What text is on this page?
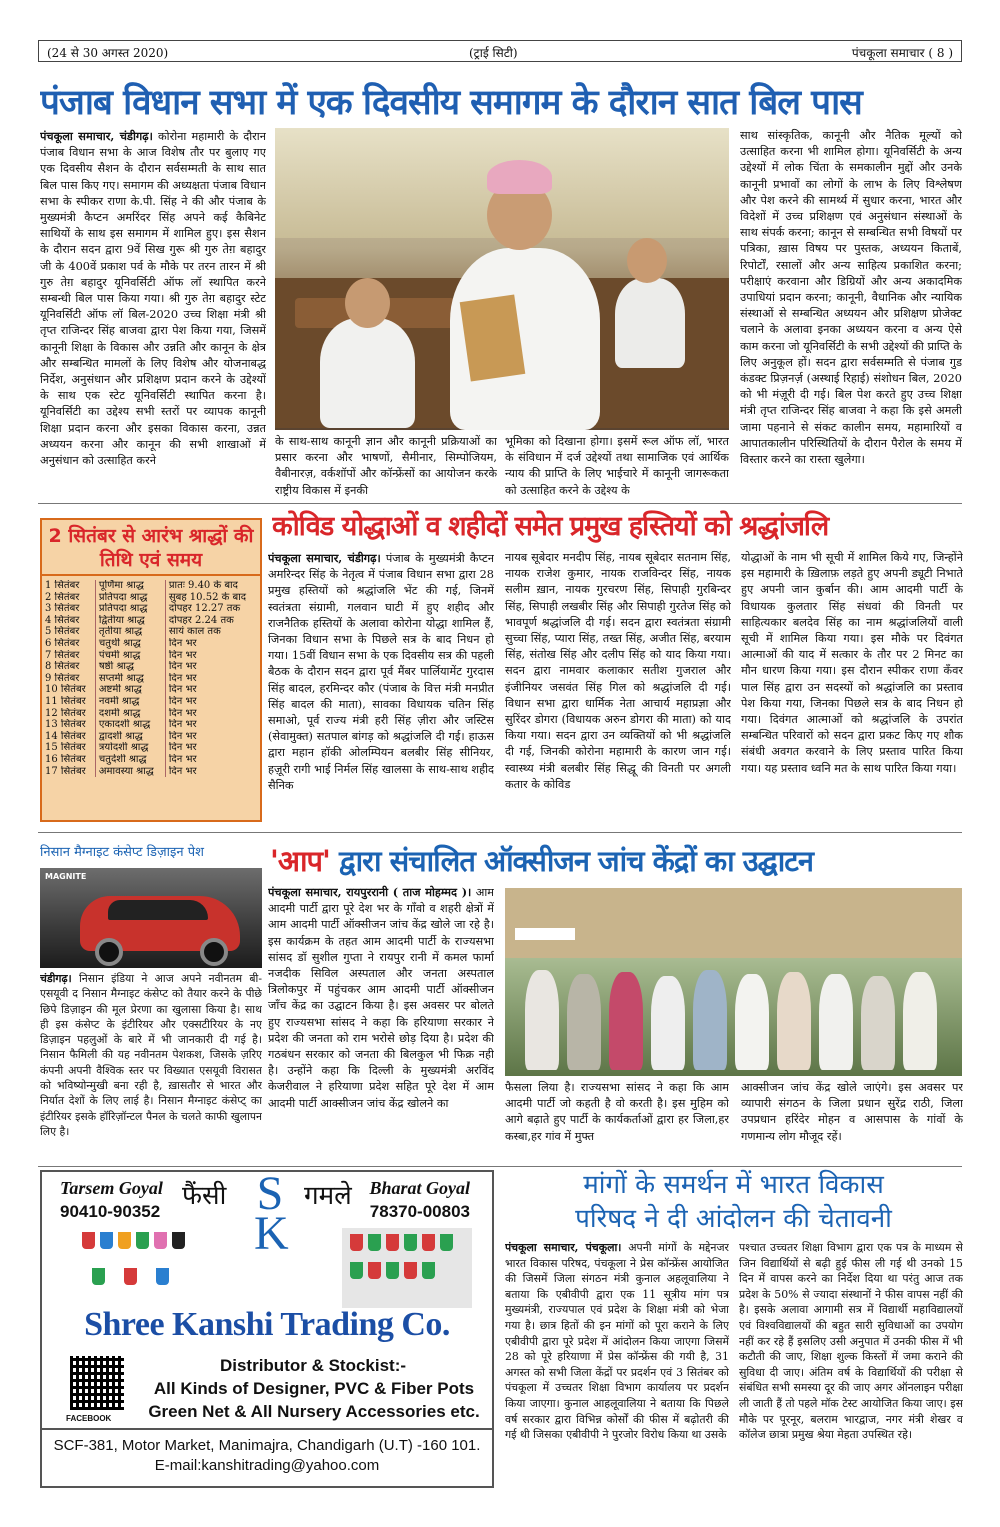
(24 से 30 अगस्त 2020)	(ट्राई सिटी)	पंचकूला समाचार ( 8 )
पंजाब विधान सभा में एक दिवसीय समागम के दौरान सात बिल पास
पंचकूला समाचार, चंडीगढ़। कोरोना महामारी के दौरान पंजाब विधान सभा के आज विशेष तौर पर बुलाए गए एक दिवसीय सैशन के दौरान सर्वसम्मती के साथ सात बिल पास किए गए। समागम की अध्यक्षता पंजाब विधान सभा के स्पीकर राणा के.पी. सिंह ने की और पंजाब के मुख्यमंत्री कैप्टन अमरिंदर सिंह अपने कई कैबिनेट साथियों के साथ इस समागम में शामिल हुए। इस सैशन के दौरान सदन द्वारा 9वें सिख गुरू श्री गुरु तेग़ बहादुर जी के 400वें प्रकाश पर्व के मौके पर तरन तारन में श्री गुरु तेग़ बहादुर यूनिवर्सिटी ऑफ लॉ स्थापित करने सम्बन्धी बिल पास किया गया। श्री गुरु तेग़ बहादुर स्टेट यूनिवर्सिटी ऑफ लॉ बिल-2020 उच्च शिक्षा मंत्री श्री तृप्त राजिन्दर सिंह बाजवा द्वारा पेश किया गया, जिसमें कानूनी शिक्षा के विकास और उन्नति और कानून के क्षेत्र और सम्बन्धित मामलों के लिए विशेष और योजनाबद्ध निर्देश, अनुसंधान और प्रशिक्षण प्रदान करने के उद्देश्यों के साथ एक स्टेट यूनिवर्सिटी स्थापित करना है। यूनिवर्सिटी का उद्देश्य सभी स्तरों पर व्यापक कानूनी शिक्षा प्रदान करना और इसका विकास करना, उन्नत अध्ययन करना और कानून की सभी शाखाओं में अनुसंधान को उत्साहित करने
के साथ-साथ कानूनी ज्ञान और कानूनी प्रक्रियाओं का प्रसार करना और भाषणों, सैमीनार, सिम्पोजियम, वैबीनारज़, वर्कशॉपों और कॉन्फ्रेंसों का आयोजन करके राष्ट्रीय विकास में इनकी
भूमिका को दिखाना होगा। इसमें रूल ऑफ लॉ, भारत के संविधान में दर्ज उद्देश्यों तथा सामाजिक एवं आर्थिक न्याय की प्राप्ति के लिए भाईचारे में कानूनी जागरूकता को उत्साहित करने के उद्देश्य के
साथ सांस्कृतिक, कानूनी और नैतिक मूल्यों को उत्साहित करना भी शामिल होगा। यूनिवर्सिटी के अन्य उद्देश्यों में लोक चिंता के समकालीन मुद्दों और उनके कानूनी प्रभावों का लोगों के लाभ के लिए विश्लेषण और पेश करने की सामर्थ्य में सुधार करना, भारत और विदेशों में उच्च प्रशिक्षण एवं अनुसंधान संस्थाओं के साथ संपर्क करना; कानून से सम्बन्धित सभी विषयों पर पत्रिका, ख़ास विषय पर पुस्तक, अध्ययन किताबें, रिपोर्टों, रसालों और अन्य साहित्य प्रकाशित करना; परीक्षाएं करवाना और डिग्रियों और अन्य अकादमिक उपाधियां प्रदान करना; कानूनी, वैधानिक और न्यायिक संस्थाओं से सम्बन्धित अध्ययन और प्रशिक्षण प्रोजेक्ट चलाने के अलावा इनका अध्ययन करना व अन्य ऐसे काम करना जो यूनिवर्सिटी के सभी उद्देश्यों की प्राप्ति के लिए अनुकूल हों। सदन द्वारा सर्वसम्मति से पंजाब गुड कंडक्ट प्रिज़नर्ज़ (अस्थाई रिहाई) संशोधन बिल, 2020 को भी मंज़ूरी दी गई। बिल पेश करते हुए उच्च शिक्षा मंत्री तृप्त राजिन्दर सिंह बाजवा ने कहा कि इसे अमली जामा पहनाने से संकट कालीन समय, महामारियों व आपातकालीन परिस्थितियों के दौरान पैरोल के समय में विस्तार करने का रास्ता खुलेगा।
2 सितंबर से आरंभ श्राद्धों की तिथि एवं समय
1 सितंबर	पूर्णिमा श्राद्ध	प्रातः 9.40 के बाद
2 सितंबर	प्रतिपदा श्राद्ध	सुबह 10.52 के बाद
3 सितंबर	प्रतिपदा श्राद्ध	दोपहर 12.27 तक
4 सितंबर	द्वितीया श्राद्ध	दोपहर 2.24 तक
5 सितंबर	तृतीया श्राद्ध	सायं काल तक
6 सितंबर	चतुर्थी श्राद्ध	दिन भर
7 सितंबर	पंचमी श्राद्ध	दिन भर
8 सितंबर	षष्ठी श्राद्ध	दिन भर
9 सितंबर	सप्तमी श्राद्ध	दिन भर
10 सितंबर	अष्टमी श्राद्ध	दिन भर
11 सितंबर	नवमी श्राद्ध	दिन भर
12 सितंबर	दशमी श्राद्ध	दिन भर
13 सितंबर	एकादशी श्राद्ध	दिन भर
14 सितंबर	द्वादशी श्राद्ध	दिन भर
15 सितंबर	त्रयोदशी श्राद्ध	दिन भर
16 सितंबर	चतुर्दशी श्राद्ध	दिन भर
17 सितंबर	अमावस्या श्राद्ध	दिन भर
कोविड योद्धाओं व शहीदों समेत प्रमुख हस्तियों को श्रद्धांजलि
पंचकूला समाचार, चंडीगढ़। पंजाब के मुख्यमंत्री कैप्टन अमरिन्दर सिंह के नेतृत्व में पंजाब विधान सभा द्वारा 28 प्रमुख हस्तियों को श्रद्धांजलि भेंट की गई, जिनमें स्वतंत्रता संग्रामी, गलवान घाटी में हुए शहीद और राजनैतिक हस्तियों के अलावा कोरोना योद्धा शामिल हैं, जिनका विधान सभा के पिछले सत्र के बाद निधन हो गया। 15वीं विधान सभा के एक दिवसीय सत्र की पहली बैठक के दौरान सदन द्वारा पूर्व मैंबर पार्लियामेंट गुरदास सिंह बादल, हरमिन्दर कौर (पंजाब के वित्त मंत्री मनप्रीत सिंह बादल की माता), सावका विधायक चतिन सिंह समाओ, पूर्व राज्य मंत्री हरी सिंह ज़ीरा और जस्टिस (सेवामुक्त) सतपाल बांगड़ को श्रद्धांजलि दी गई। हाऊस द्वारा महान हॉकी ओलम्पियन बलबीर सिंह सीनियर, हज़ूरी रागी भाई निर्मल सिंह खालसा के साथ-साथ शहीद सैनिक
नायब सूबेदार मनदीप सिंह, नायब सूबेदार सतनाम सिंह, नायक राजेश कुमार, नायक राजविन्दर सिंह, नायक सलीम ख़ान, नायक गुरचरण सिंह, सिपाही गुरबिन्दर सिंह, सिपाही लखबीर सिंह और सिपाही गुरतेज सिंह को भावपूर्ण श्रद्धांजलि दी गई। सदन द्वारा स्वतंत्रता संग्रामी सुच्चा सिंह, प्यारा सिंह, तख्त सिंह, अजीत सिंह, बरयाम सिंह, संतोख सिंह और दलीप सिंह को याद किया गया। सदन द्वारा नामवार कलाकार सतीश गुजराल और इंजीनियर जसवंत सिंह गिल को श्रद्धांजलि दी गई। विधान सभा द्वारा धार्मिक नेता आचार्य महाप्रज्ञा और सुरिंदर डोगरा (विधायक अरुन डोगरा की माता) को याद किया गया। सदन द्वारा उन व्यक्तियों को भी श्रद्धांजलि दी गई, जिनकी कोरोना महामारी के कारण जान गई। स्वास्थ्य मंत्री बलबीर सिंह सिद्धू की विनती पर अगली कतार के कोविड
योद्धाओं के नाम भी सूची में शामिल किये गए, जिन्होंने इस महामारी के ख़िलाफ़ लड़ते हुए अपनी ड्यूटी निभाते हुए अपनी जान कुर्बान की। आम आदमी पार्टी के विधायक कुलतार सिंह संधवां की विनती पर साहित्यकार बलदेव सिंह का नाम श्रद्धांजलियों वाली सूची में शामिल किया गया। इस मौके पर दिवंगत आत्माओं की याद में सत्कार के तौर पर 2 मिनट का मौन धारण किया गया। इस दौरान स्पीकर राणा कँवर पाल सिंह द्वारा उन सदस्यों को श्रद्धांजलि का प्रस्ताव पेश किया गया, जिनका पिछले सत्र के बाद निधन हो गया। दिवंगत आत्माओं को श्रद्धांजलि के उपरांत सम्बन्धित परिवारों को सदन द्वारा प्रकट किए गए शौक संबंधी अवगत करवाने के लिए प्रस्ताव पारित किया गया। यह प्रस्ताव ध्वनि मत के साथ पारित किया गया।
निसान मैग्नाइट कंसेप्ट डिज़ाइन पेश
MAGNITE
चंडीगढ़। निसान इंडिया ने आज अपने नवीनतम बी-एसयूवी द निसान मैग्नाइट कंसेप्ट को तैयार करने के पीछे छिपे डिज़ाइन की मूल प्रेरणा का खुलासा किया है। साथ ही इस कंसेप्ट के इंटीरियर और एक्सटीरियर के नए डिज़ाइन पहलुओं के बारे में भी जानकारी दी गई है। निसान फैमिली की यह नवीनतम पेशकश, जिसके ज़रिए कंपनी अपनी वैश्विक स्तर पर विख्यात एसयूवी विरासत को भविष्योन्मुखी बना रही है, ख़ासतौर से भारत और निर्यात देशों के लिए लाई है। निसान मैग्नाइट कंसेप्ट् का इंटीरियर इसके हॉरिज़ॉन्टल पैनल के चलते काफी खुलापन लिए है।
'आप' द्वारा संचालित ऑक्सीजन जांच केंद्रों का उद्घाटन
पंचकूला समाचार, रायपुररानी ( ताज मोहम्मद )। आम आदमी पार्टी द्वारा पूरे देश भर के गाँवो व शहरी क्षेत्रों में आम आदमी पार्टी ऑक्सीजन जांच केंद्र खोले जा रहे है। इस कार्यक्रम के तहत आम आदमी पार्टी के राज्यसभा सांसद डॉ सुशील गुप्ता ने रायपुर रानी में कमल फार्मा नजदीक सिविल अस्पताल और जनता अस्पताल त्रिलोकपुर में पहुंचकर आम आदमी पार्टी ऑक्सीजन जाँच केंद्र का उद्घाटन किया है। इस अवसर पर बोलते हुए राज्यसभा सांसद ने कहा कि हरियाणा सरकार ने प्रदेश की जनता को राम भरोसे छोड़ दिया है। प्रदेश की गठबंधन सरकार को जनता की बिलकुल भी फिक्र नही है। उन्होंने कहा कि दिल्ली के मुख्यमंत्री अरविंद केजरीवाल ने हरियाणा प्रदेश सहित पूरे देश में आम आदमी पार्टी आक्सीजन जांच केंद्र खोलने का
फैसला लिया है। राज्यसभा सांसद ने कहा कि आम आदमी पार्टी जो कहती है वो करती है। इस मुहिम को आगे बढ़ाते हुए पार्टी के कार्यकर्ताओं द्वारा हर जिला,हर कस्बा,हर गांव में मुफ्त
आक्सीजन जांच केंद्र खोले जाएंगे। इस अवसर पर व्यापारी संगठन के जिला प्रधान सुरेंद्र राठी, जिला उपप्रधान हरिंदेर मोहन व आसपास के गांवों के गणमान्य लोग मौजूद रहें।
Tarsem Goyal
90410-90352
फैंसी S
K
गमले Bharat Goyal
78370-00803
Shree Kanshi Trading Co.
FACEBOOK
Distributor & Stockist:-
All Kinds of Designer, PVC & Fiber Pots
Green Net & All Nursery Accessories etc.
SCF-381, Motor Market, Manimajra, Chandigarh (U.T) -160 101.
E-mail:kanshitrading@yahoo.com
मांगों के समर्थन में भारत विकास
परिषद ने दी आंदोलन की चेतावनी
पंचकूला समाचार, पंचकूला। अपनी मांगों के मद्देनजर भारत विकास परिषद, पंचकूला ने प्रेस कॉन्फ्रेंस आयोजित की जिसमें जिला संगठन मंत्री कुनाल अहलूवालिया ने बताया कि एबीवीपी द्वारा एक 11 सूत्रीय मांग पत्र मुख्यमंत्री, राज्यपाल एवं प्रदेश के शिक्षा मंत्री को भेजा गया है। छात्र हितों की इन मांगों को पूरा कराने के लिए एबीवीपी द्वारा पूरे प्रदेश में आंदोलन किया जाएगा जिसमें 28 को पूरे हरियाणा में प्रेस कॉन्फ्रेंस की गयी है, 31 अगस्त को सभी जिला केंद्रों पर प्रदर्शन एवं 3 सितंबर को पंचकूला में उच्चतर शिक्षा विभाग कार्यालय पर प्रदर्शन किया जाएगा। कुनाल आहलूवालिया ने बताया कि पिछले वर्ष सरकार द्वारा विभिन्न कोर्सों की फीस में बढ़ोतरी की गई थी जिसका एबीवीपी ने पुरजोर विरोध किया था उसके
पश्चात उच्चतर शिक्षा विभाग द्वारा एक पत्र के माध्यम से जिन विद्यार्थियों से बढ़ी हुई फीस ली गई थी उनको 15 दिन में वापस करने का निर्देश दिया था परंतु आज तक प्रदेश के 50% से ज्यादा संस्थानों ने फीस वापस नहीं की है। इसके अलावा आगामी सत्र में विद्यार्थी महाविद्यालयों एवं विश्वविद्यालयों की बहुत सारी सुविधाओं का उपयोग नहीं कर रहे हैं इसलिए उसी अनुपात में उनकी फीस में भी कटौती की जाए, शिक्षा शुल्क किस्तों में जमा कराने की सुविधा दी जाए। अंतिम वर्ष के विद्यार्थियों की परीक्षा से संबंधित सभी समस्या दूर की जाए अगर ऑनलाइन परीक्षा ली जाती हैं तो पहले मॉक टेस्ट आयोजित किया जाए। इस मौके पर पूरनूर, बलराम भारद्वाज, नगर मंत्री शेखर व कॉलेज छात्रा प्रमुख श्रेया मेहता उपस्थित रहे।
